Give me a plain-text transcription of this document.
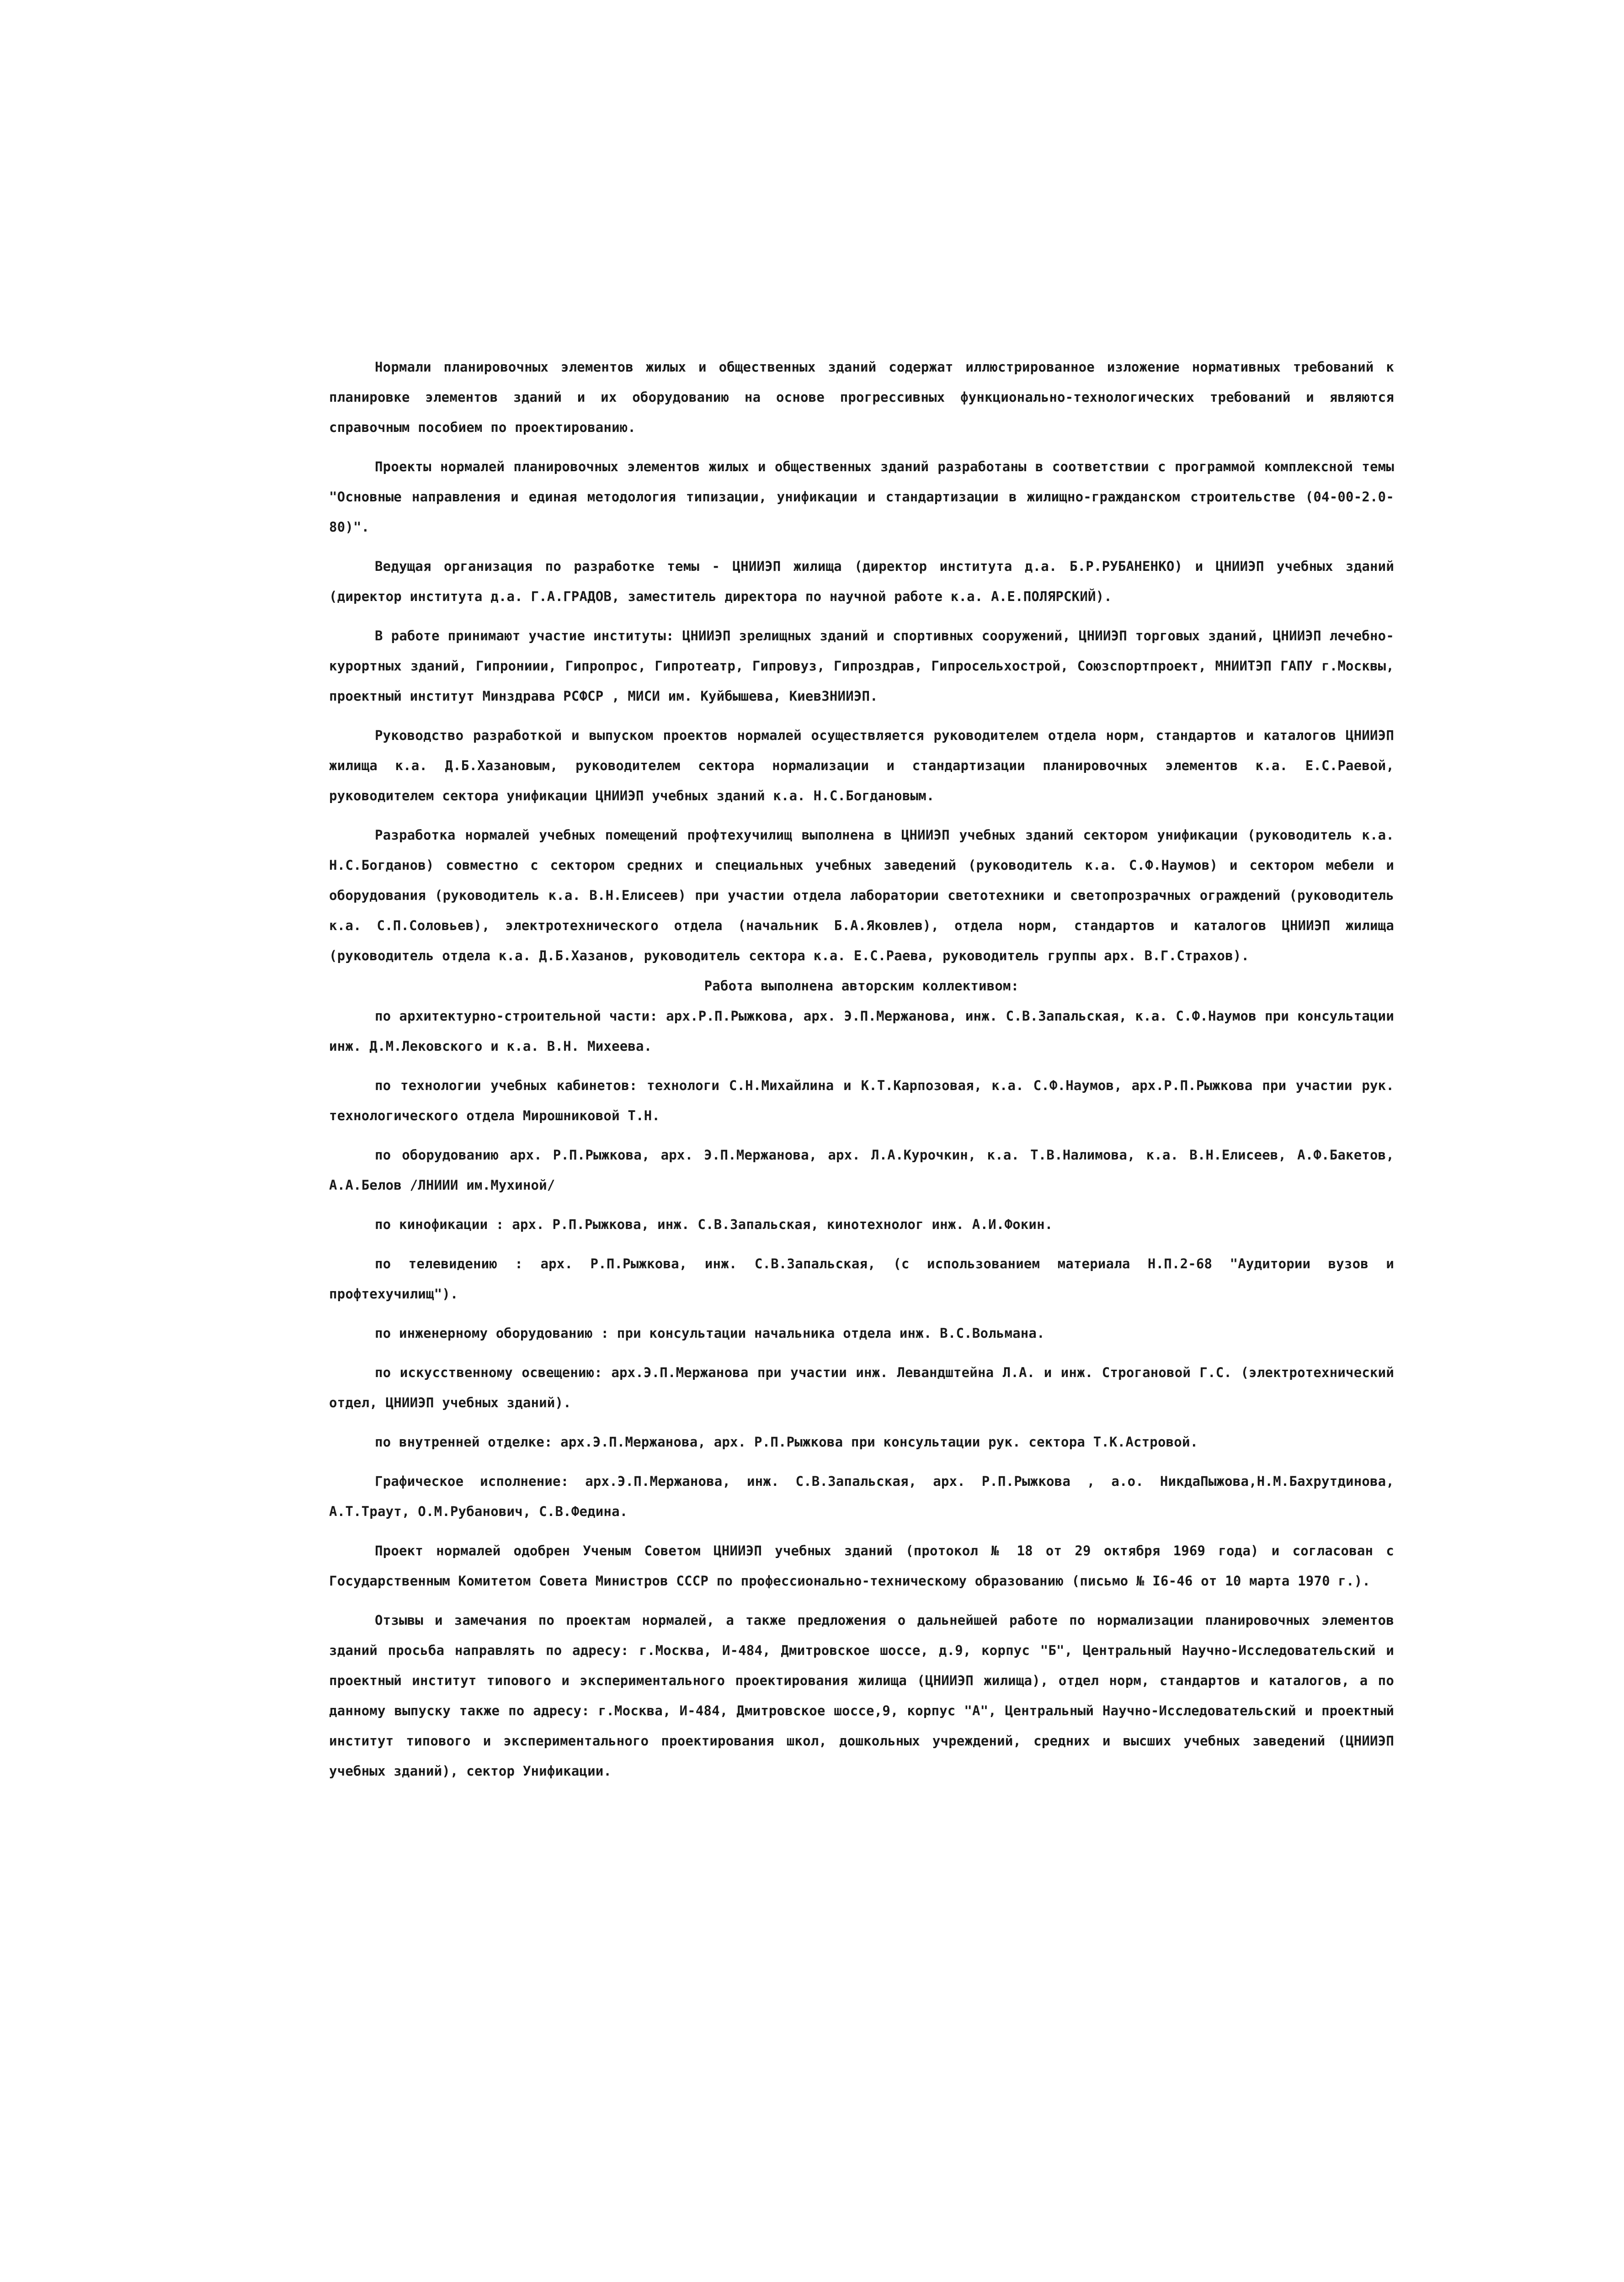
Нормали планировочных элементов жилых и общественных зданий содержат иллюстрированное изложение нормативных требований к планировке элементов зданий и их оборудованию на основе прогрессивных функционально-технологических требований и являются справочным пособием по проектированию.

Проекты нормалей планировочных элементов жилых и общественных зданий разработаны в соответствии с программой комплексной темы "Основные направления и единая методология типизации, унификации и стандартизации в жилищно-гражданском строительстве (04-00-2.0-80)".

Ведущая организация по разработке темы - ЦНИИЭП жилища (директор института д.а. Б.Р.РУБАНЕНКО) и ЦНИИЭП учебных зданий (директор института д.а. Г.А.ГРАДОВ, заместитель директора по научной работе к.а. А.Е.ПОЛЯРСКИЙ).

В работе принимают участие институты: ЦНИИЭП зрелищных зданий и спортивных сооружений, ЦНИИЭП торговых зданий, ЦНИИЭП лечебно-курортных зданий, Гипрониии, Гипропрос, Гипротеатр, Гипровуз, Гипроздрав, Гипросельхострой, Союзспортпроект, МНИИТЭП ГАПУ г.Москвы, проектный институт Минздрава РСФСР , МИСИ им. Куйбышева, КиевЗНИИЭП.

Руководство разработкой и выпуском проектов нормалей осуществляется руководителем отдела норм, стандартов и каталогов ЦНИИЭП жилища к.а. Д.Б.Хазановым, руководителем сектора нормализации и стандартизации планировочных элементов к.а. Е.С.Раевой, руководителем сектора унификации ЦНИИЭП учебных зданий к.а. Н.С.Богдановым.

Разработка нормалей учебных помещений профтехучилищ выполнена в ЦНИИЭП учебных зданий сектором унификации (руководитель к.а. Н.С.Богданов) совместно с сектором средних и специальных учебных заведений (руководитель к.а. С.Ф.Наумов) и сектором мебели и оборудования (руководитель к.а. В.Н.Елисеев) при участии отдела лаборатории светотехники и светопрозрачных ограждений (руководитель к.а. С.П.Соловьев), электротехнического отдела (начальник Б.А.Яковлев), отдела норм, стандартов и каталогов ЦНИИЭП жилища (руководитель отдела к.а. Д.Б.Хазанов, руководитель сектора к.а. Е.С.Раева, руководитель группы арх. В.Г.Страхов).

Работа выполнена авторским коллективом:

по архитектурно-строительной части: арх.Р.П.Рыжкова, арх. Э.П.Мержанова, инж. С.В.Запальская, к.а. С.Ф.Наумов при консультации инж. Д.М.Лековского и к.а. В.Н. Михеева.

по технологии учебных кабинетов: технологи С.Н.Михайлина и К.Т.Карпозовая, к.а. С.Ф.Наумов, арх.Р.П.Рыжкова при участии рук. технологического отдела Мирошниковой Т.Н.

по оборудованию арх. Р.П.Рыжкова, арх. Э.П.Мержанова, арх. Л.А.Курочкин, к.а. Т.В.Налимова, к.а. В.Н.Елисеев, А.Ф.Бакетов, А.А.Белов /ЛНИИИ им.Мухиной/

по кинофикации : арх. Р.П.Рыжкова, инж. С.В.Запальская, кинотехнолог инж. А.И.Фокин.

по телевидению : арх. Р.П.Рыжкова, инж. С.В.Запальская, (с использованием материала Н.П.2-68 "Аудитории вузов и профтехучилищ").

по инженерному оборудованию : при консультации начальника отдела инж. В.С.Вольмана.

по искусственному освещению: арх.Э.П.Мержанова при участии инж. Левандштейна Л.А. и инж. Строгановой Г.С. (электротехнический отдел, ЦНИИЭП учебных зданий).

по внутренней отделке: арх.Э.П.Мержанова, арх. Р.П.Рыжкова при консультации рук. сектора Т.К.Астровой.

Графическое исполнение: арх.Э.П.Мержанова, инж. С.В.Запальская, арх. Р.П.Рыжкова , а.о. НикдаПыжова,Н.М.Бахрутдинова, А.Т.Траут, О.М.Рубанович, С.В.Федина.

Проект нормалей одобрен Ученым Советом ЦНИИЭП учебных зданий (протокол № 18 от 29 октября 1969 года) и согласован с Государственным Комитетом Совета Министров СССР по профессионально-техническому образованию (письмо № I6-46 от 10 марта 1970 г.).

Отзывы и замечания по проектам нормалей, а также предложения о дальнейшей работе по нормализации планировочных элементов зданий просьба направлять по адресу: г.Москва, И-484, Дмитровское шоссе, д.9, корпус "Б", Центральный Научно-Исследовательский и проектный институт типового и экспериментального проектирования жилища (ЦНИИЭП жилища), отдел норм, стандартов и каталогов, а по данному выпуску также по адресу: г.Москва, И-484, Дмитровское шоссе,9, корпус "А", Центральный Научно-Исследовательский и проектный институт типового и экспериментального проектирования школ, дошкольных учреждений, средних и высших учебных заведений (ЦНИИЭП учебных зданий), сектор Унификации.
